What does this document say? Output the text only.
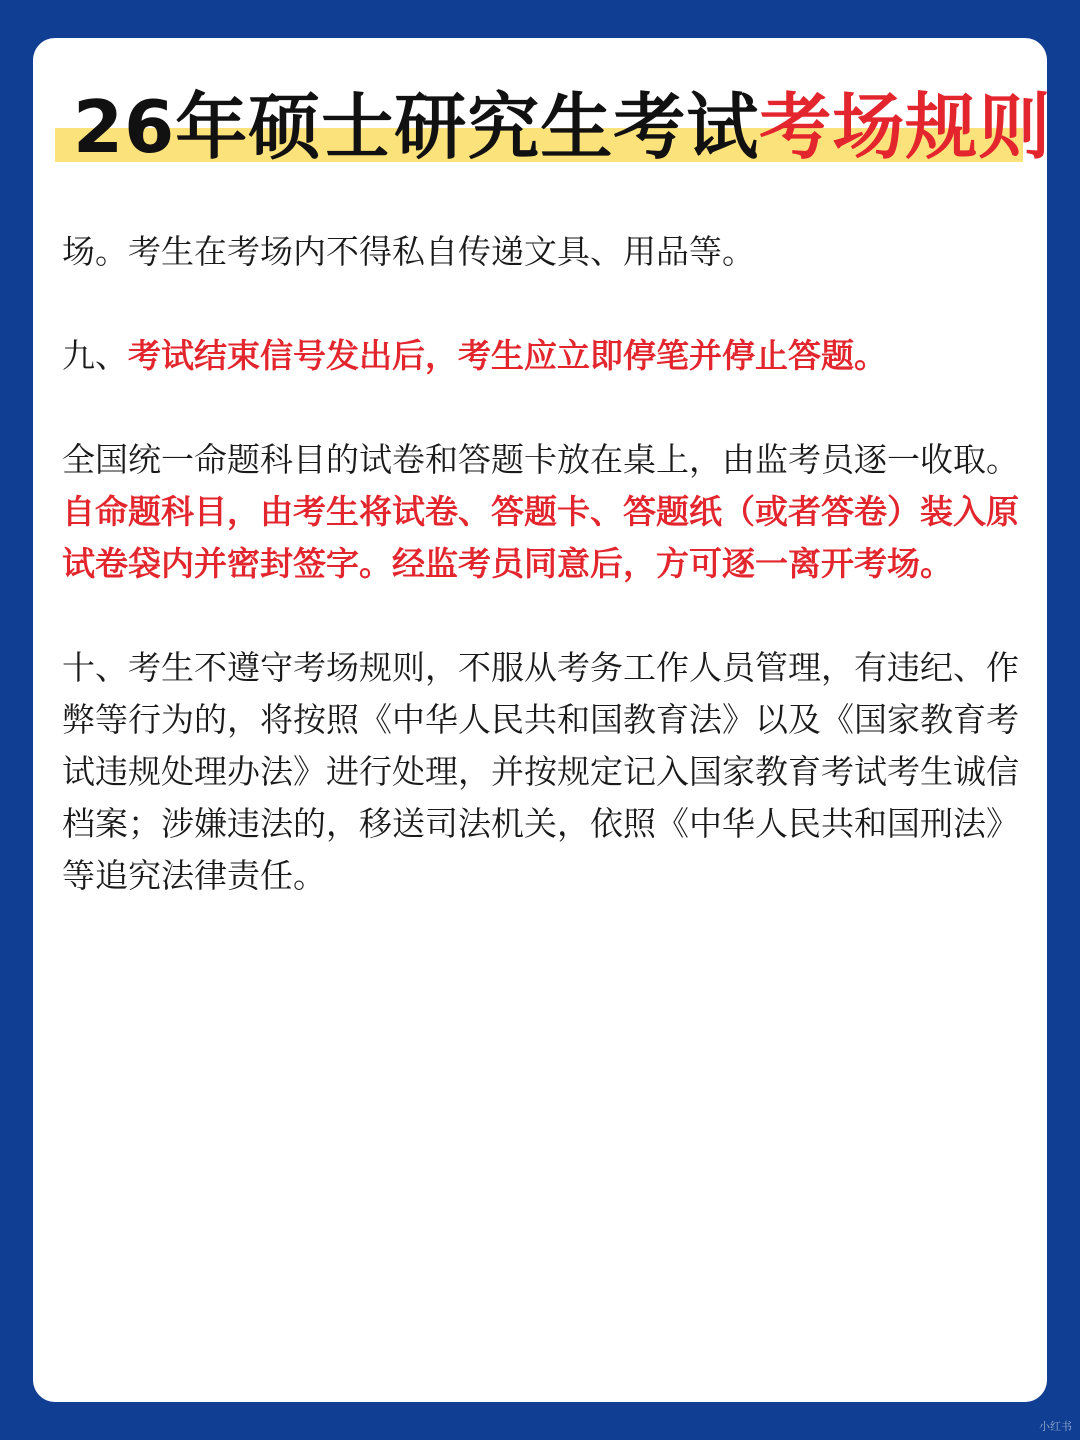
26年硕士研究生考试考场规则

场。考生在考场内不得私自传递文具、用品等。

九、考试结束信号发出后，考生应立即停笔并停止答题。

全国统一命题科目的试卷和答题卡放在桌上，由监考员逐一收取。自命题科目，由考生将试卷、答题卡、答题纸（或者答卷）装入原试卷袋内并密封签字。经监考员同意后，方可逐一离开考场。

十、考生不遵守考场规则，不服从考务工作人员管理，有违纪、作弊等行为的，将按照《中华人民共和国教育法》以及《国家教育考试违规处理办法》进行处理，并按规定记入国家教育考试考生诚信档案；涉嫌违法的，移送司法机关，依照《中华人民共和国刑法》等追究法律责任。

小红书
